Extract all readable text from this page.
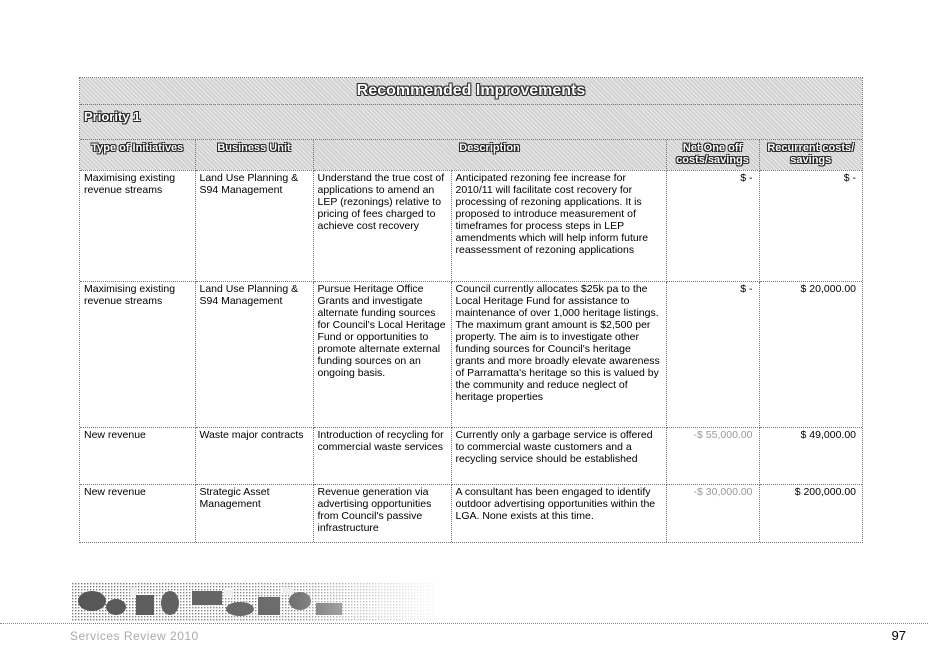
Recommended Improvements
Priority 1
Type of Initiatives	Business Unit	Description		Net One off costs/savings	Recurrent costs/ savings
Maximising existing revenue streams	Land Use Planning & S94 Management	Understand the true cost of applications to amend an LEP (rezonings) relative to pricing of fees charged to achieve cost recovery	Anticipated rezoning fee increase for 2010/11 will facilitate cost recovery for processing of rezoning applications. It is proposed to introduce measurement of timeframes for process steps in LEP amendments which will help inform future reassessment of rezoning applications	$ -	$ -
Maximising existing revenue streams	Land Use Planning & S94 Management	Pursue Heritage Office Grants and investigate alternate funding sources for Council's Local Heritage Fund or opportunities to promote alternate external funding sources on an ongoing basis.	Council currently allocates $25k pa to the Local Heritage Fund for assistance to maintenance of over 1,000 heritage listings. The maximum grant amount is $2,500 per property. The aim is to investigate other funding sources for Council's heritage grants and more broadly elevate awareness of Parramatta's heritage so this is valued by the community and reduce neglect of heritage properties	$ -	$ 20,000.00
New revenue	Waste major contracts	Introduction of recycling for commercial waste services	Currently only a garbage service is offered to commercial waste customers and a recycling service should be established	-$ 55,000.00	$ 49,000.00
New revenue	Strategic Asset Management	Revenue generation via advertising opportunities from Council's passive infrastructure	A consultant has been engaged to identify outdoor advertising opportunities within the LGA. None exists at this time.	-$ 30,000.00	$ 200,000.00
Services Review 2010	97
